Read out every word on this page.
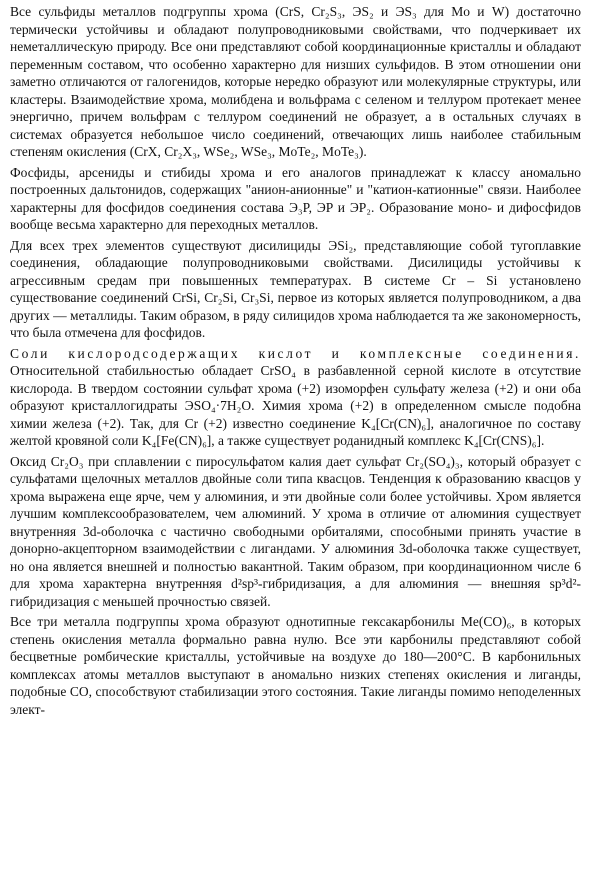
Все сульфиды металлов подгруппы хрома (CrS, Cr₂S₃, ЭS₂ и ЭS₃ для Mo и W) достаточно термически устойчивы и обладают полупроводниковыми свойствами, что подчеркивает их неметаллическую природу. Все они представляют собой координационные кристаллы и обладают переменным составом, что особенно характерно для низших сульфидов. В этом отношении они заметно отличаются от галогенидов, которые нередко образуют или молекулярные структуры, или кластеры. Взаимодействие хрома, молибдена и вольфрама с селеном и теллуром протекает менее энергично, причем вольфрам с теллуром соединений не образует, а в остальных случаях в системах образуется небольшое число соединений, отвечающих лишь наиболее стабильным степеням окисления (CrX, Cr₂X₃, WSe₂, WSe₃, MoTe₂, MoTe₃).

Фосфиды, арсениды и стибиды хрома и его аналогов принадлежат к классу аномально построенных дальтонидов, содержащих "анион-анионные" и "катион-катионные" связи. Наиболее характерны для фосфидов соединения состава Э₃P, ЭP и ЭP₂. Образование моно- и дифосфидов вообще весьма характерно для переходных металлов.

Для всех трех элементов существуют дисилициды ЭSi₂, представляющие собой тугоплавкие соединения, обладающие полупроводниковыми свойствами. Дисилициды устойчивы к агрессивным средам при повышенных температурах. В системе Cr – Si установлено существование соединений CrSi, Cr₂Si, Cr₃Si, первое из которых является полупроводником, а два других — металлиды. Таким образом, в ряду силицидов хрома наблюдается та же закономерность, что была отмечена для фосфидов.

Соли кислородсодержащих кислот и комплексные соединения. Относительной стабильностью обладает CrSO₄ в разбавленной серной кислоте в отсутствие кислорода. В твердом состоянии сульфат хрома (+2) изоморфен сульфату железа (+2) и они оба образуют кристаллогидраты ЭSO₄·7H₂O. Химия хрома (+2) в определенном смысле подобна химии железа (+2). Так, для Cr (+2) известно соединение K₄[Cr(CN)₆], аналогичное по составу желтой кровяной соли K₄[Fe(CN)₆], а также существует роданидный комплекс K₄[Cr(CNS)₆].

Оксид Cr₂O₃ при сплавлении с пиросульфатом калия дает сульфат Cr₂(SO₄)₃, который образует с сульфатами щелочных металлов двойные соли типа квасцов. Тенденция к образованию квасцов у хрома выражена еще ярче, чем у алюминия, и эти двойные соли более устойчивы. Хром является лучшим комплексообразователем, чем алюминий. У хрома в отличие от алюминия существует внутренняя 3d-оболочка с частично свободными орбиталями, способными принять участие в донорно-акцепторном взаимодействии с лигандами. У алюминия 3d-оболочка также существует, но она является внешней и полностью вакантной. Таким образом, при координационном числе 6 для хрома характерна внутренняя d²sp³-гибридизация, а для алюминия — внешняя sp³d²-гибридизация с меньшей прочностью связей.

Все три металла подгруппы хрома образуют однотипные гексакарбонилы Me(CO)₆, в которых степень окисления металла формально равна нулю. Все эти карбонилы представляют собой бесцветные ромбические кристаллы, устойчивые на воздухе до 180—200°C. В карбонильных комплексах атомы металлов выступают в аномально низких степенях окисления и лиганды, подобные CO, способствуют стабилизации этого состояния. Такие лиганды помимо неподеленных элект-
